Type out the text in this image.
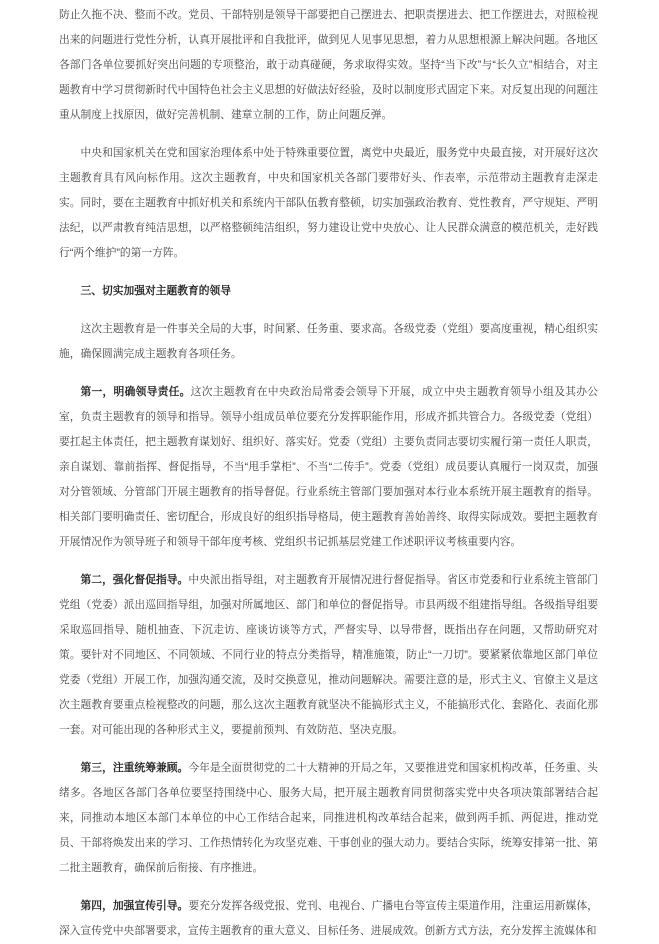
防止久拖不决、整而不改。党员、干部特别是领导干部要把自己摆进去、把职责摆进去、把工作摆进去，对照检视出来的问题进行党性分析，认真开展批评和自我批评，做到见人见事见思想，着力从思想根源上解决问题。各地区各部门各单位要抓好突出问题的专项整治，敢于动真碰硬，务求取得实效。坚持“当下改”与“长久立”相结合，对主题教育中学习贯彻新时代中国特色社会主义思想的好做法好经验，及时以制度形式固定下来。对反复出现的问题注重从制度上找原因，做好完善机制、建章立制的工作，防止问题反弹。

中央和国家机关在党和国家治理体系中处于特殊重要位置，离党中央最近，服务党中央最直接，对开展好这次主题教育具有风向标作用。这次主题教育，中央和国家机关各部门要带好头、作表率，示范带动主题教育走深走实。同时，要在主题教育中抓好机关和系统内干部队伍教育整顿，切实加强政治教育、党性教育，严守规矩、严明法纪，以严肃教育纯洁思想，以严格整顿纯洁组织，努力建设让党中央放心、让人民群众满意的模范机关，走好践行“两个维护”的第一方阵。

三、切实加强对主题教育的领导

这次主题教育是一件事关全局的大事，时间紧、任务重、要求高。各级党委（党组）要高度重视，精心组织实施，确保圆满完成主题教育各项任务。

第一，明确领导责任。这次主题教育在中央政治局常委会领导下开展，成立中央主题教育领导小组及其办公室，负责主题教育的领导和指导。领导小组成员单位要充分发挥职能作用，形成齐抓共管合力。各级党委（党组）要扛起主体责任，把主题教育谋划好、组织好、落实好。党委（党组）主要负责同志要切实履行第一责任人职责，亲自谋划、靠前指挥、督促指导，不当“甩手掌柜”、不当“二传手”。党委（党组）成员要认真履行一岗双责，加强对分管领域、分管部门开展主题教育的指导督促。行业系统主管部门要加强对本行业本系统开展主题教育的指导。相关部门要明确责任、密切配合，形成良好的组织指导格局，使主题教育善始善终、取得实际成效。要把主题教育开展情况作为领导班子和领导干部年度考核、党组织书记抓基层党建工作述职评议考核重要内容。

第二，强化督促指导。中央派出指导组，对主题教育开展情况进行督促指导。省区市党委和行业系统主管部门党组（党委）派出巡回指导组，加强对所属地区、部门和单位的督促指导。市县两级不组建指导组。各级指导组要采取巡回指导、随机抽查、下沉走访、座谈访谈等方式，严督实导、以导带督，既指出存在问题，又帮助研究对策。要针对不同地区、不同领域、不同行业的特点分类指导，精准施策，防止“一刀切”。要紧紧依靠地区部门单位党委（党组）开展工作，加强沟通交流，及时交换意见，推动问题解决。需要注意的是，形式主义、官僚主义是这次主题教育要重点检视整改的问题，那么这次主题教育就坚决不能搞形式主义，不能搞形式化、套路化、表面化那一套。对可能出现的各种形式主义，要提前预判、有效防范、坚决克服。

第三，注重统筹兼顾。今年是全面贯彻党的二十大精神的开局之年，又要推进党和国家机构改革，任务重、头绪多。各地区各部门各单位要坚持围绕中心、服务大局，把开展主题教育同贯彻落实党中央各项决策部署结合起来，同推动本地区本部门本单位的中心工作结合起来，同推进机构改革结合起来，做到两手抓、两促进，推动党员、干部将焕发出来的学习、工作热情转化为攻坚克难、干事创业的强大动力。要结合实际，统筹安排第一批、第二批主题教育，确保前后衔接、有序推进。

第四，加强宣传引导。要充分发挥各级党报、党刊、电视台、广播电台等宣传主渠道作用，注重运用新媒体，深入宣传党中央部署要求，宣传主题教育的重大意义、目标任务、进展成效。创新方式方法，充分发挥主流媒体和
